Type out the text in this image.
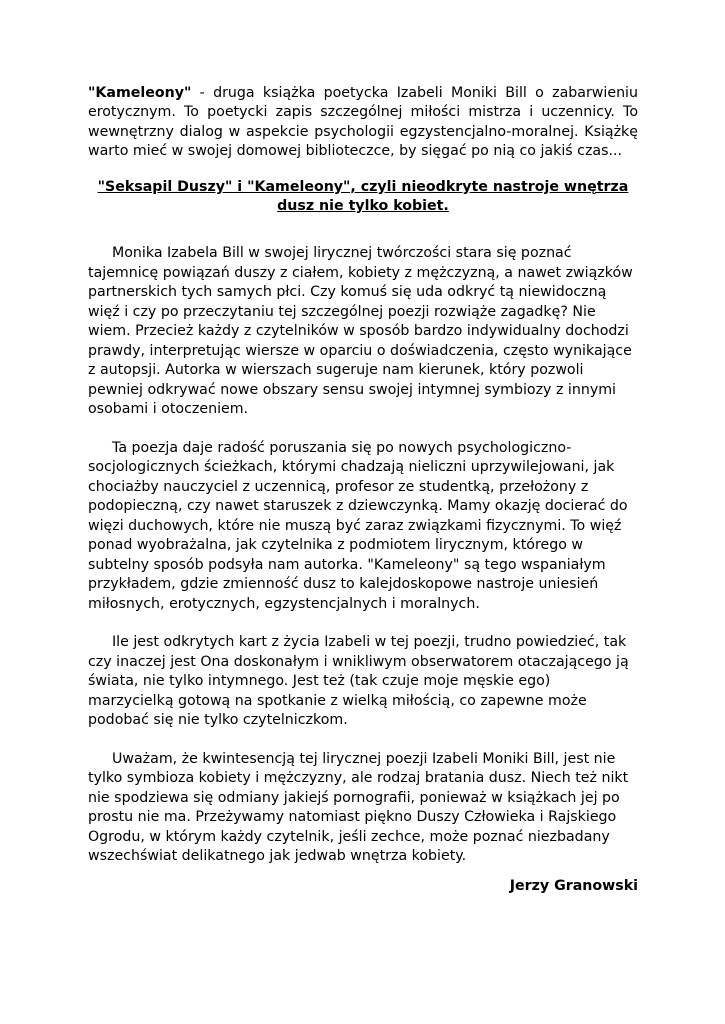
"Kameleony" - druga książka poetycka Izabeli Moniki Bill o zabarwieniu erotycznym. To poetycki zapis szczególnej miłości mistrza i uczennicy. To wewnętrzny dialog w aspekcie psychologii egzystencjalno-moralnej. Książkę warto mieć w swojej domowej biblioteczce, by sięgać po nią co jakiś czas...

"Seksapil Duszy" i "Kameleony", czyli nieodkryte nastroje wnętrza dusz nie tylko kobiet.

Monika Izabela Bill w swojej lirycznej twórczości stara się poznać tajemnicę powiązań duszy z ciałem, kobiety z mężczyzną, a nawet związków partnerskich tych samych płci. Czy komuś się uda odkryć tą niewidoczną więź i czy po przeczytaniu tej szczególnej poezji rozwiąże zagadkę? Nie wiem. Przecież każdy z czytelników w sposób bardzo indywidualny dochodzi prawdy, interpretując wiersze w oparciu o doświadczenia, często wynikające z autopsji. Autorka w wierszach sugeruje nam kierunek, który pozwoli pewniej odkrywać nowe obszary sensu swojej intymnej symbiozy z innymi osobami i otoczeniem.

Ta poezja daje radość poruszania się po nowych psychologiczno-socjologicznych ścieżkach, którymi chadzają nieliczni uprzywilejowani, jak chociażby nauczyciel z uczennicą, profesor ze studentką, przełożony z podopieczną, czy nawet staruszek z dziewczynką. Mamy okazję docierać do więzi duchowych, które nie muszą być zaraz związkami fizycznymi. To więź ponad wyobrażalna, jak czytelnika z podmiotem lirycznym, którego w subtelny sposób podsyła nam autorka. "Kameleony" są tego wspaniałym przykładem, gdzie zmienność dusz to kalejdoskopowe nastroje uniesień miłosnych, erotycznych, egzystencjalnych i moralnych.

Ile jest odkrytych kart z życia Izabeli w tej poezji, trudno powiedzieć, tak czy inaczej jest Ona doskonałym i wnikliwym obserwatorem otaczającego ją świata, nie tylko intymnego. Jest też (tak czuje moje męskie ego) marzycielką gotową na spotkanie z wielką miłością, co zapewne może podobać się nie tylko czytelniczkom.

Uważam, że kwintesencją tej lirycznej poezji Izabeli Moniki Bill, jest nie tylko symbioza kobiety i mężczyzny, ale rodzaj bratania dusz. Niech też nikt nie spodziewa się odmiany jakiejś pornografii, ponieważ w książkach jej po prostu nie ma. Przeżywamy natomiast piękno Duszy Człowieka i Rajskiego Ogrodu, w którym każdy czytelnik, jeśli zechce, może poznać niezbadany wszechświat delikatnego jak jedwab wnętrza kobiety.

Jerzy Granowski
